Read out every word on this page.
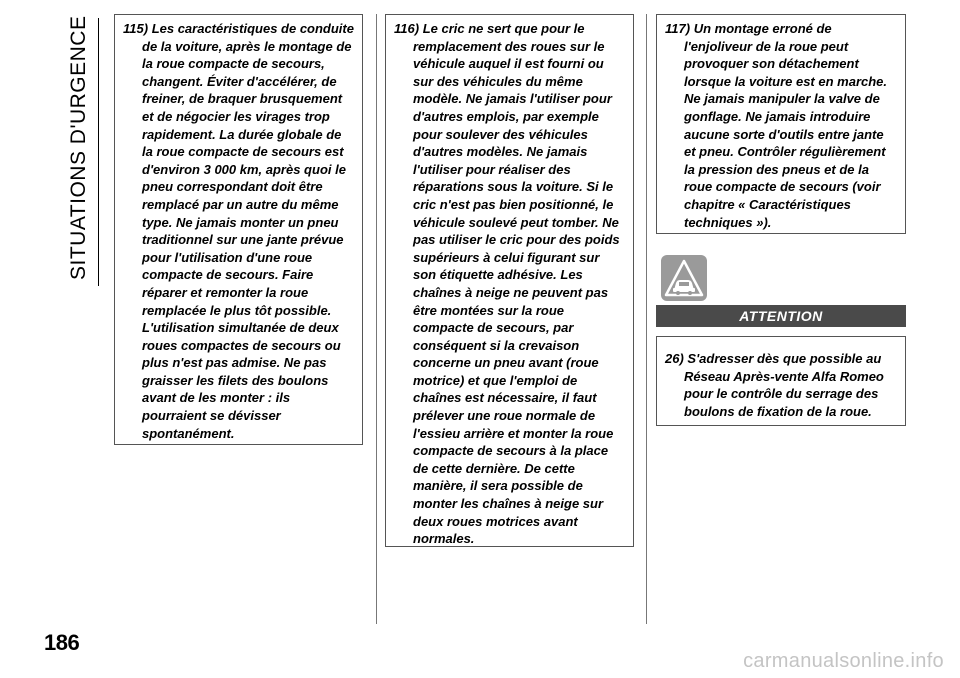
SITUATIONS D'URGENCE	115) Les caractéristiques de conduite de la voiture, après le montage de la roue compacte de secours, changent. Éviter d'accélérer, de freiner, de braquer brusquement et de négocier les virages trop rapidement. La durée globale de la roue compacte de secours est d'environ 3 000 km, après quoi le pneu correspondant doit être remplacé par un autre du même type. Ne jamais monter un pneu traditionnel sur une jante prévue pour l'utilisation d'une roue compacte de secours. Faire réparer et remonter la roue remplacée le plus tôt possible. L'utilisation simultanée de deux roues compactes de secours ou plus n'est pas admise. Ne pas graisser les filets des boulons avant de les monter : ils pourraient se dévisser spontanément.

116) Le cric ne sert que pour le remplacement des roues sur le véhicule auquel il est fourni ou sur des véhicules du même modèle. Ne jamais l'utiliser pour d'autres emplois, par exemple pour soulever des véhicules d'autres modèles. Ne jamais l'utiliser pour réaliser des réparations sous la voiture. Si le cric n'est pas bien positionné, le véhicule soulevé peut tomber. Ne pas utiliser le cric pour des poids supérieurs à celui figurant sur son étiquette adhésive. Les chaînes à neige ne peuvent pas être montées sur la roue compacte de secours, par conséquent si la crevaison concerne un pneu avant (roue motrice) et que l'emploi de chaînes est nécessaire, il faut prélever une roue normale de l'essieu arrière et monter la roue compacte de secours à la place de cette dernière. De cette manière, il sera possible de monter les chaînes à neige sur deux roues motrices avant normales.

117) Un montage erroné de l'enjoliveur de la roue peut provoquer son détachement lorsque la voiture est en marche. Ne jamais manipuler la valve de gonflage. Ne jamais introduire aucune sorte d'outils entre jante et pneu. Contrôler régulièrement la pression des pneus et de la roue compacte de secours (voir chapitre « Caractéristiques techniques »).

ATTENTION

26) S'adresser dès que possible au Réseau Après-vente Alfa Romeo pour le contrôle du serrage des boulons de fixation de la roue.

186
carmanualsonline.info
